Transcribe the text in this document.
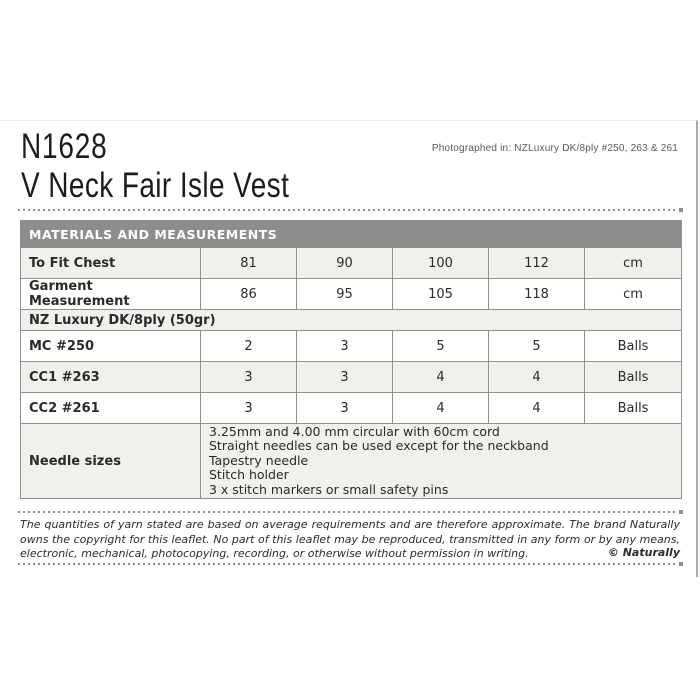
N1628
V Neck Fair Isle Vest
Photographed in: NZLuxury DK/8ply #250, 263 & 261
MATERIALS AND MEASUREMENTS					
To Fit Chest	81	90	100	112	cm
Garment Measurement	86	95	105	118	cm
NZ Luxury DK/8ply (50gr)					
MC #250	2	3	5	5	Balls
CC1 #263	3	3	4	4	Balls
CC2 #261	3	3	4	4	Balls
Needle sizes	3.25mm and 4.00 mm circular with 60cm cord
Straight needles can be used except for the neckband
Tapestry needle
Stitch holder
3 x stitch markers or small safety pins				
The quantities of yarn stated are based on average requirements and are therefore approximate. The brand Naturally owns the copyright for this leaflet. No part of this leaflet may be reproduced, transmitted in any form or by any means, electronic, mechanical, photocopying, recording, or otherwise without permission in writing.	© Naturally
